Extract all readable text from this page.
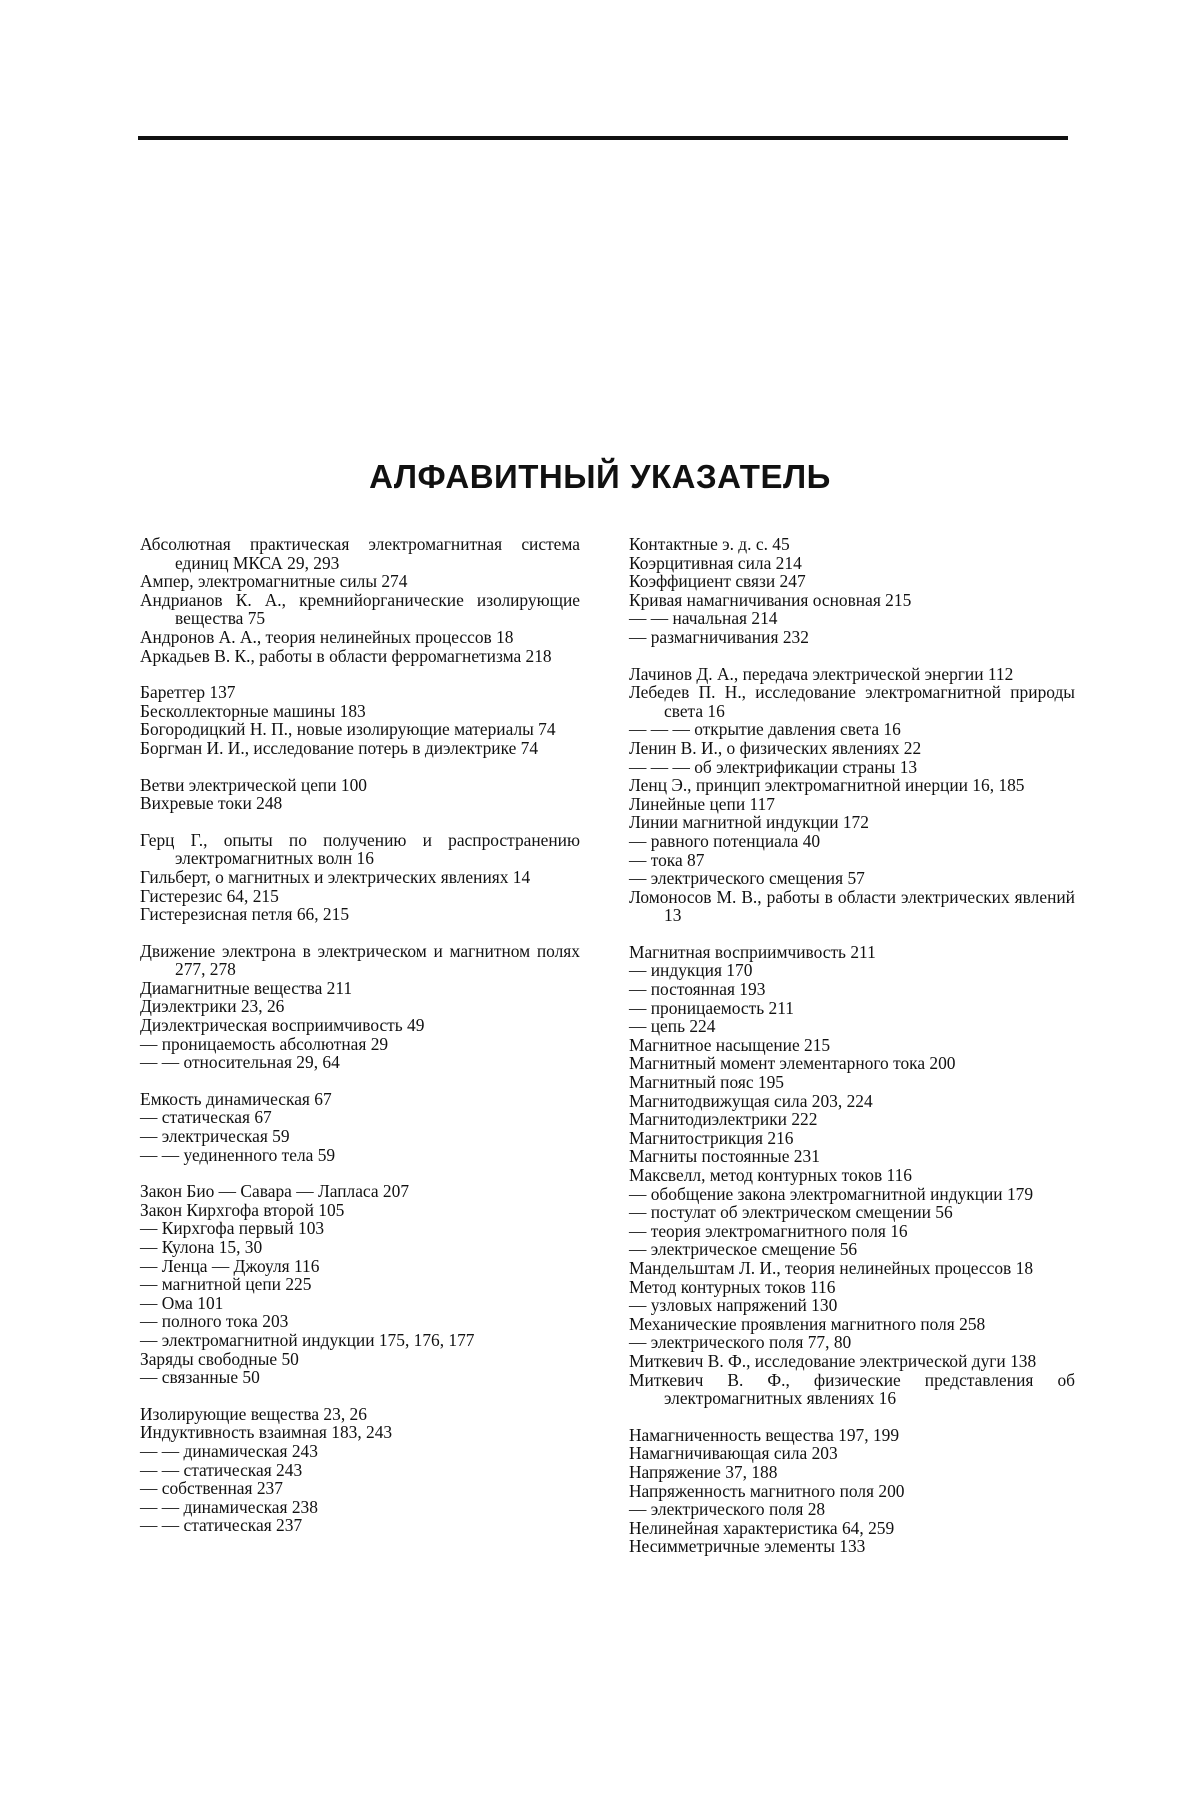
АЛФАВИТНЫЙ УКАЗАТЕЛЬ
Абсолютная практическая электромагнитная система единиц МКСА 29, 293
Ампер, электромагнитные силы 274
Андрианов К. А., кремнийорганические изолирующие вещества 75
Андронов А. А., теория нелинейных процессов 18
Аркадьев В. К., работы в области ферромагнетизма 218
Баретгер 137
Бесколлекторные машины 183
Богородицкий Н. П., новые изолирующие материалы 74
Боргман И. И., исследование потерь в диэлектрике 74
Ветви электрической цепи 100
Вихревые токи 248
Герц Г., опыты по получению и распространению электромагнитных волн 16
Гильберт, о магнитных и электрических явлениях 14
Гистерезис 64, 215
Гистерезисная петля 66, 215
Движение электрона в электрическом и магнитном полях 277, 278
Диамагнитные вещества 211
Диэлектрики 23, 26
Диэлектрическая восприимчивость 49
— проницаемость абсолютная 29
— — относительная 29, 64
Емкость динамическая 67
— статическая 67
— электрическая 59
— — уединенного тела 59
Закон Био — Савара — Лапласа 207
Закон Кирхгофа второй 105
— Кирхгофа первый 103
— Кулона 15, 30
— Ленца — Джоуля 116
— магнитной цепи 225
— Ома 101
— полного тока 203
— электромагнитной индукции 175, 176, 177
Заряды свободные 50
— связанные 50
Изолирующие вещества 23, 26
Индуктивность взаимная 183, 243
— — динамическая 243
— — статическая 243
— собственная 237
— — динамическая 238
— — статическая 237
Контактные э. д. с. 45
Коэрцитивная сила 214
Коэффициент связи 247
Кривая намагничивания основная 215
— — начальная 214
— размагничивания 232
Лачинов Д. А., передача электрической энергии 112
Лебедев П. Н., исследование электромагнитной природы света 16
— — — открытие давления света 16
Ленин В. И., о физических явлениях 22
— — — об электрификации страны 13
Ленц Э., принцип электромагнитной инерции 16, 185
Линейные цепи 117
Линии магнитной индукции 172
— равного потенциала 40
— тока 87
— электрического смещения 57
Ломоносов М. В., работы в области электрических явлений 13
Магнитная восприимчивость 211
— индукция 170
— постоянная 193
— проницаемость 211
— цепь 224
Магнитное насыщение 215
Магнитный момент элементарного тока 200
Магнитный пояс 195
Магнитодвижущая сила 203, 224
Магнитодиэлектрики 222
Магнитострикция 216
Магниты постоянные 231
Максвелл, метод контурных токов 116
— обобщение закона электромагнитной индукции 179
— постулат об электрическом смещении 56
— теория электромагнитного поля 16
— электрическое смещение 56
Мандельштам Л. И., теория нелинейных процессов 18
Метод контурных токов 116
— узловых напряжений 130
Механические проявления магнитного поля 258
— электрического поля 77, 80
Миткевич В. Ф., исследование электрической дуги 138
Миткевич В. Ф., физические представления об электромагнитных явлениях 16
Намагниченность вещества 197, 199
Намагничивающая сила 203
Напряжение 37, 188
Напряженность магнитного поля 200
— электрического поля 28
Нелинейная характеристика 64, 259
Несимметричные элементы 133
